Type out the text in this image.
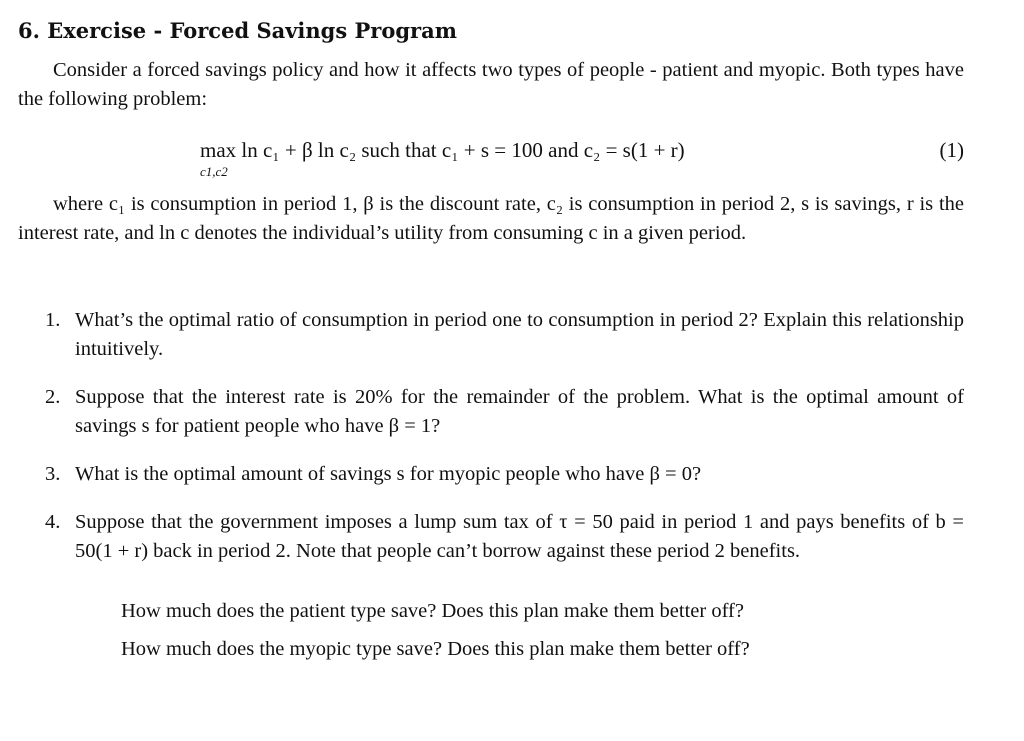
6. Exercise - Forced Savings Program
Consider a forced savings policy and how it affects two types of people - patient and myopic. Both types have the following problem:
max ln c₁ + β ln c₂ such that c₁ + s = 100 and c₂ = s(1 + r)
c1,c2
(1)
where c₁ is consumption in period 1, β is the discount rate, c₂ is consumption in period 2, s is savings, r is the interest rate, and ln c denotes the individual’s utility from consuming c in a given period.
1. What’s the optimal ratio of consumption in period one to consumption in period 2? Explain this relationship intuitively.
2. Suppose that the interest rate is 20% for the remainder of the problem. What is the optimal amount of savings s for patient people who have β = 1?
3. What is the optimal amount of savings s for myopic people who have β = 0?
4. Suppose that the government imposes a lump sum tax of τ = 50 paid in period 1 and pays benefits of b = 50(1 + r) back in period 2. Note that people can’t borrow against these period 2 benefits.
How much does the patient type save? Does this plan make them better off?
How much does the myopic type save? Does this plan make them better off?
